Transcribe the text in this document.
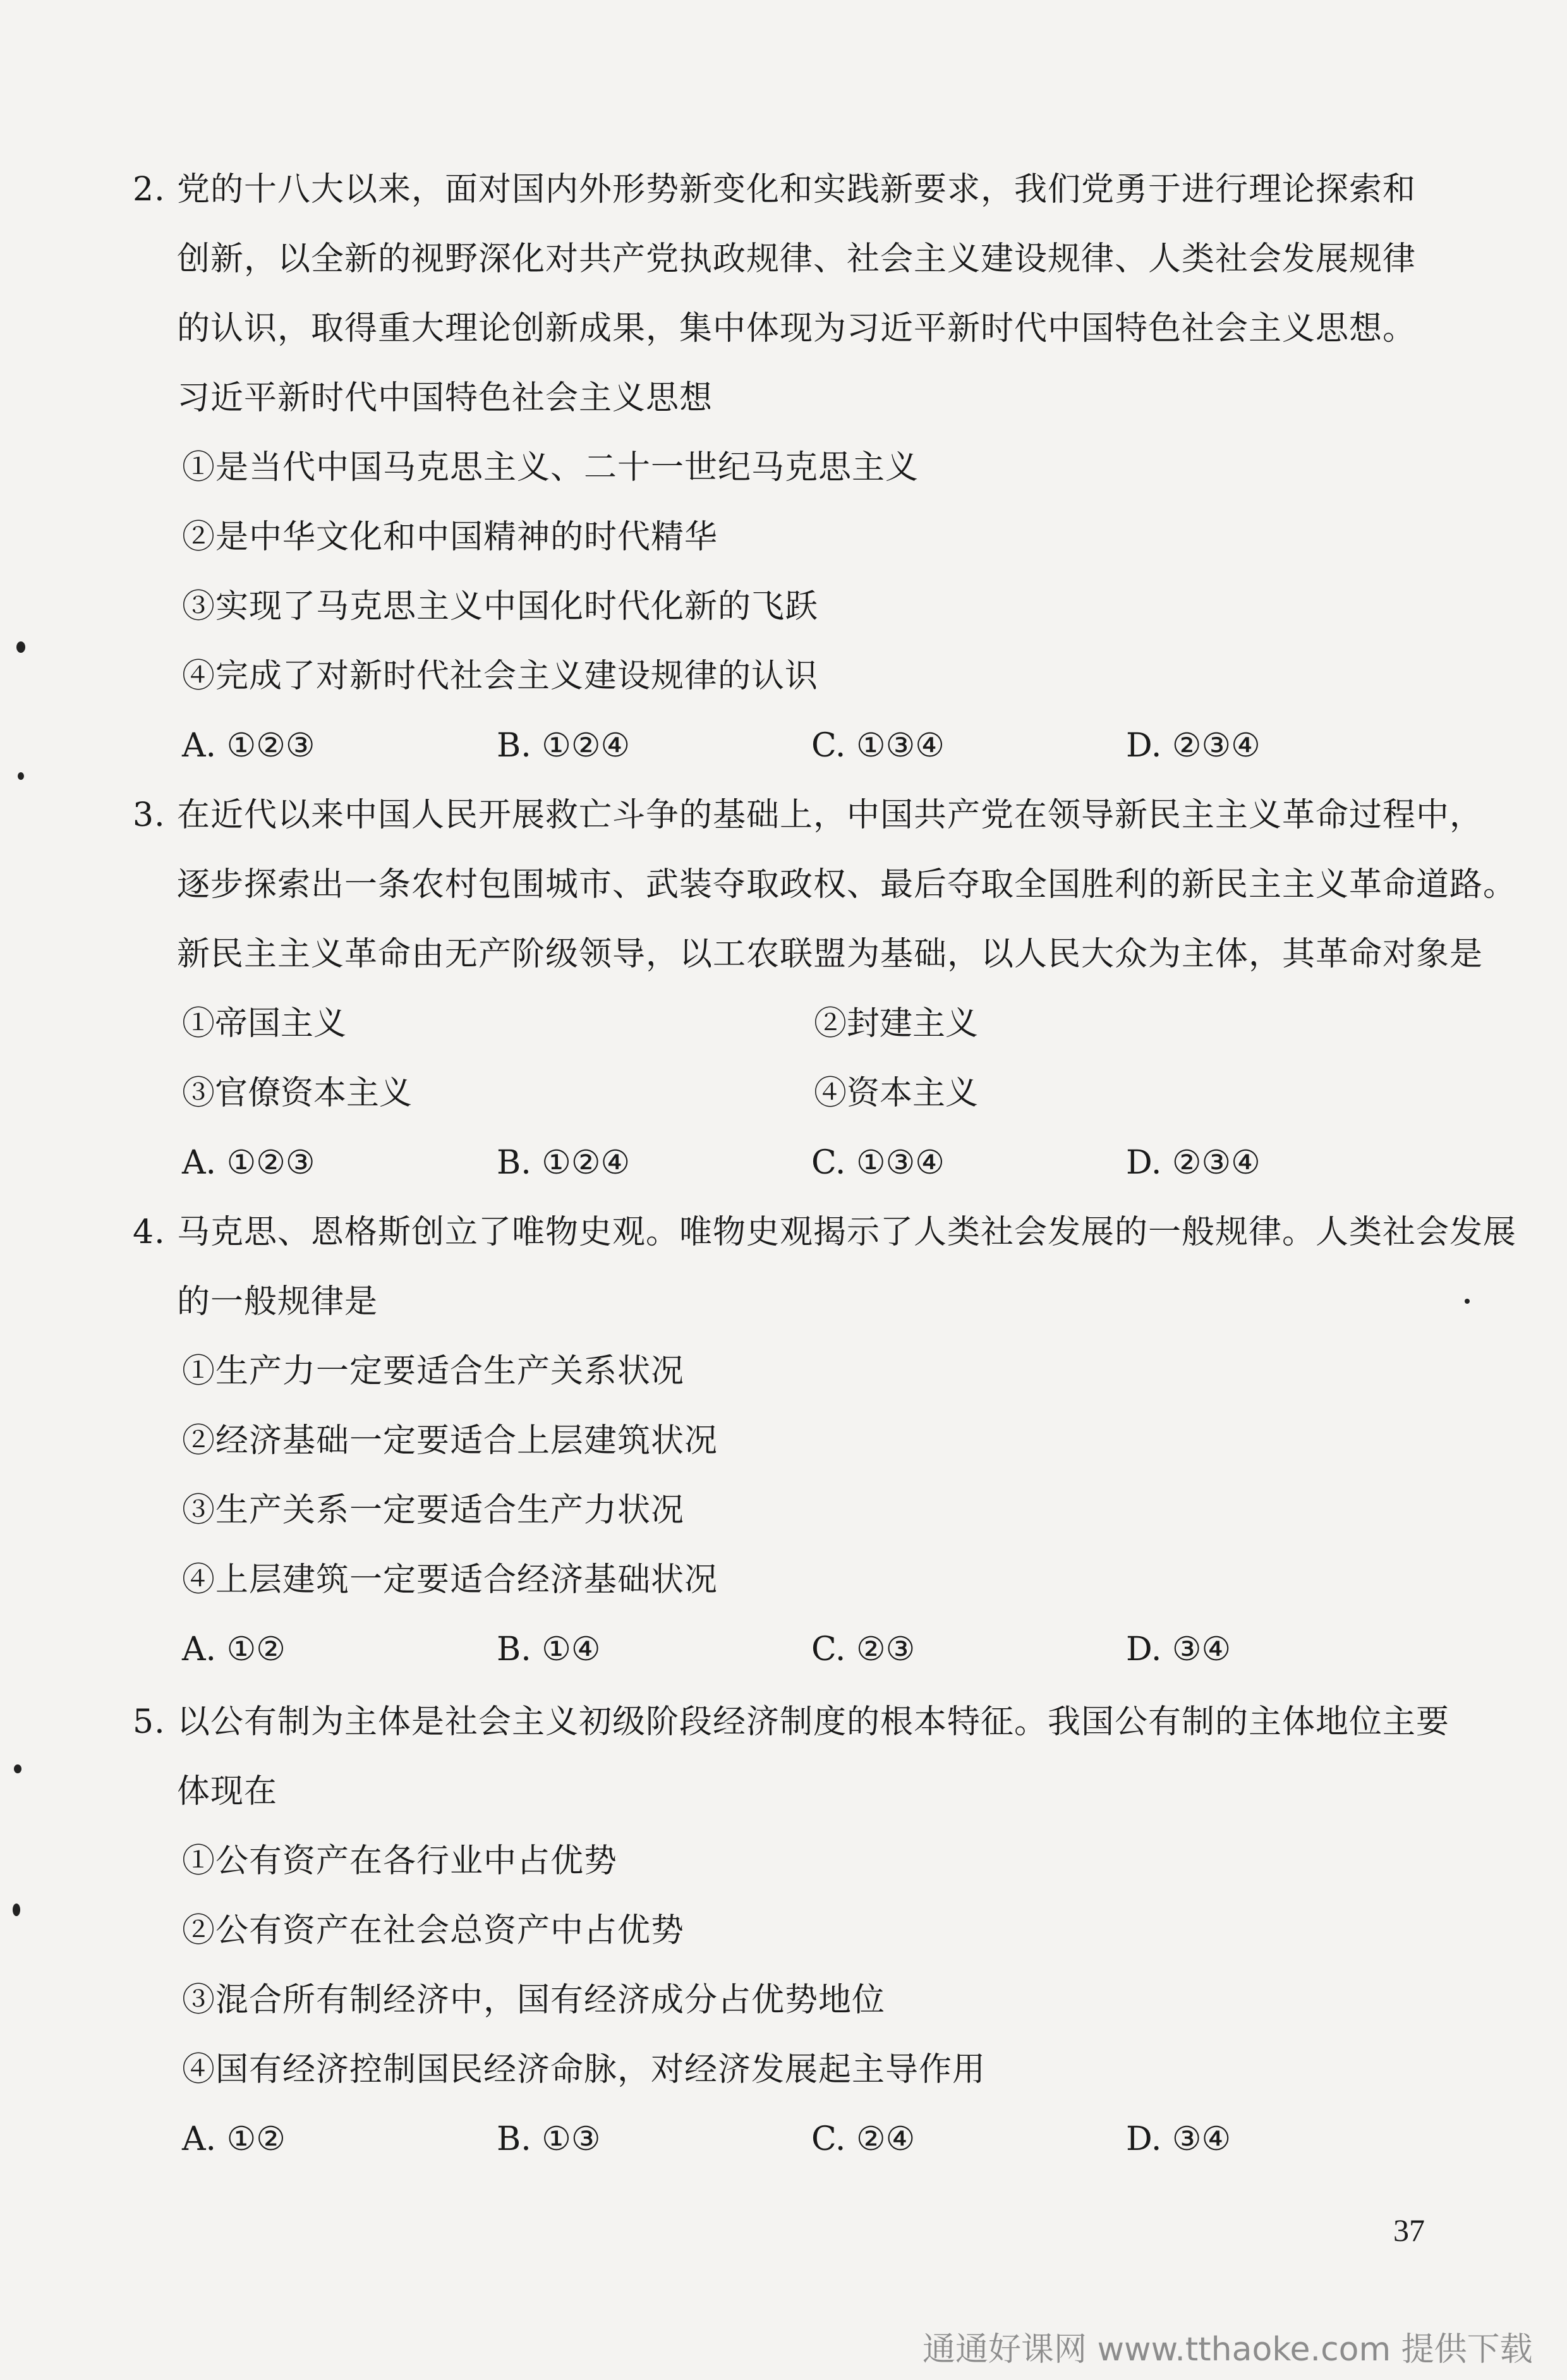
2. 党的十八大以来，面对国内外形势新变化和实践新要求，我们党勇于进行理论探索和
创新，以全新的视野深化对共产党执政规律、社会主义建设规律、人类社会发展规律
的认识，取得重大理论创新成果，集中体现为习近平新时代中国特色社会主义思想。
习近平新时代中国特色社会主义思想
①是当代中国马克思主义、二十一世纪马克思主义
②是中华文化和中国精神的时代精华
③实现了马克思主义中国化时代化新的飞跃
④完成了对新时代社会主义建设规律的认识
A. ①②③	B. ①②④	C. ①③④	D. ②③④
3. 在近代以来中国人民开展救亡斗争的基础上，中国共产党在领导新民主主义革命过程中，
逐步探索出一条农村包围城市、武装夺取政权、最后夺取全国胜利的新民主主义革命道路。
新民主主义革命由无产阶级领导，以工农联盟为基础，以人民大众为主体，其革命对象是
①帝国主义	②封建主义
③官僚资本主义	④资本主义
A. ①②③	B. ①②④	C. ①③④	D. ②③④
4. 马克思、恩格斯创立了唯物史观。唯物史观揭示了人类社会发展的一般规律。人类社会发展
的一般规律是
①生产力一定要适合生产关系状况
②经济基础一定要适合上层建筑状况
③生产关系一定要适合生产力状况
④上层建筑一定要适合经济基础状况
A. ①②	B. ①④	C. ②③	D. ③④
5. 以公有制为主体是社会主义初级阶段经济制度的根本特征。我国公有制的主体地位主要
体现在
①公有资产在各行业中占优势
②公有资产在社会总资产中占优势
③混合所有制经济中，国有经济成分占优势地位
④国有经济控制国民经济命脉，对经济发展起主导作用
A. ①②	B. ①③	C. ②④	D. ③④
37
通通好课网 www.tthaoke.com 提供下载
